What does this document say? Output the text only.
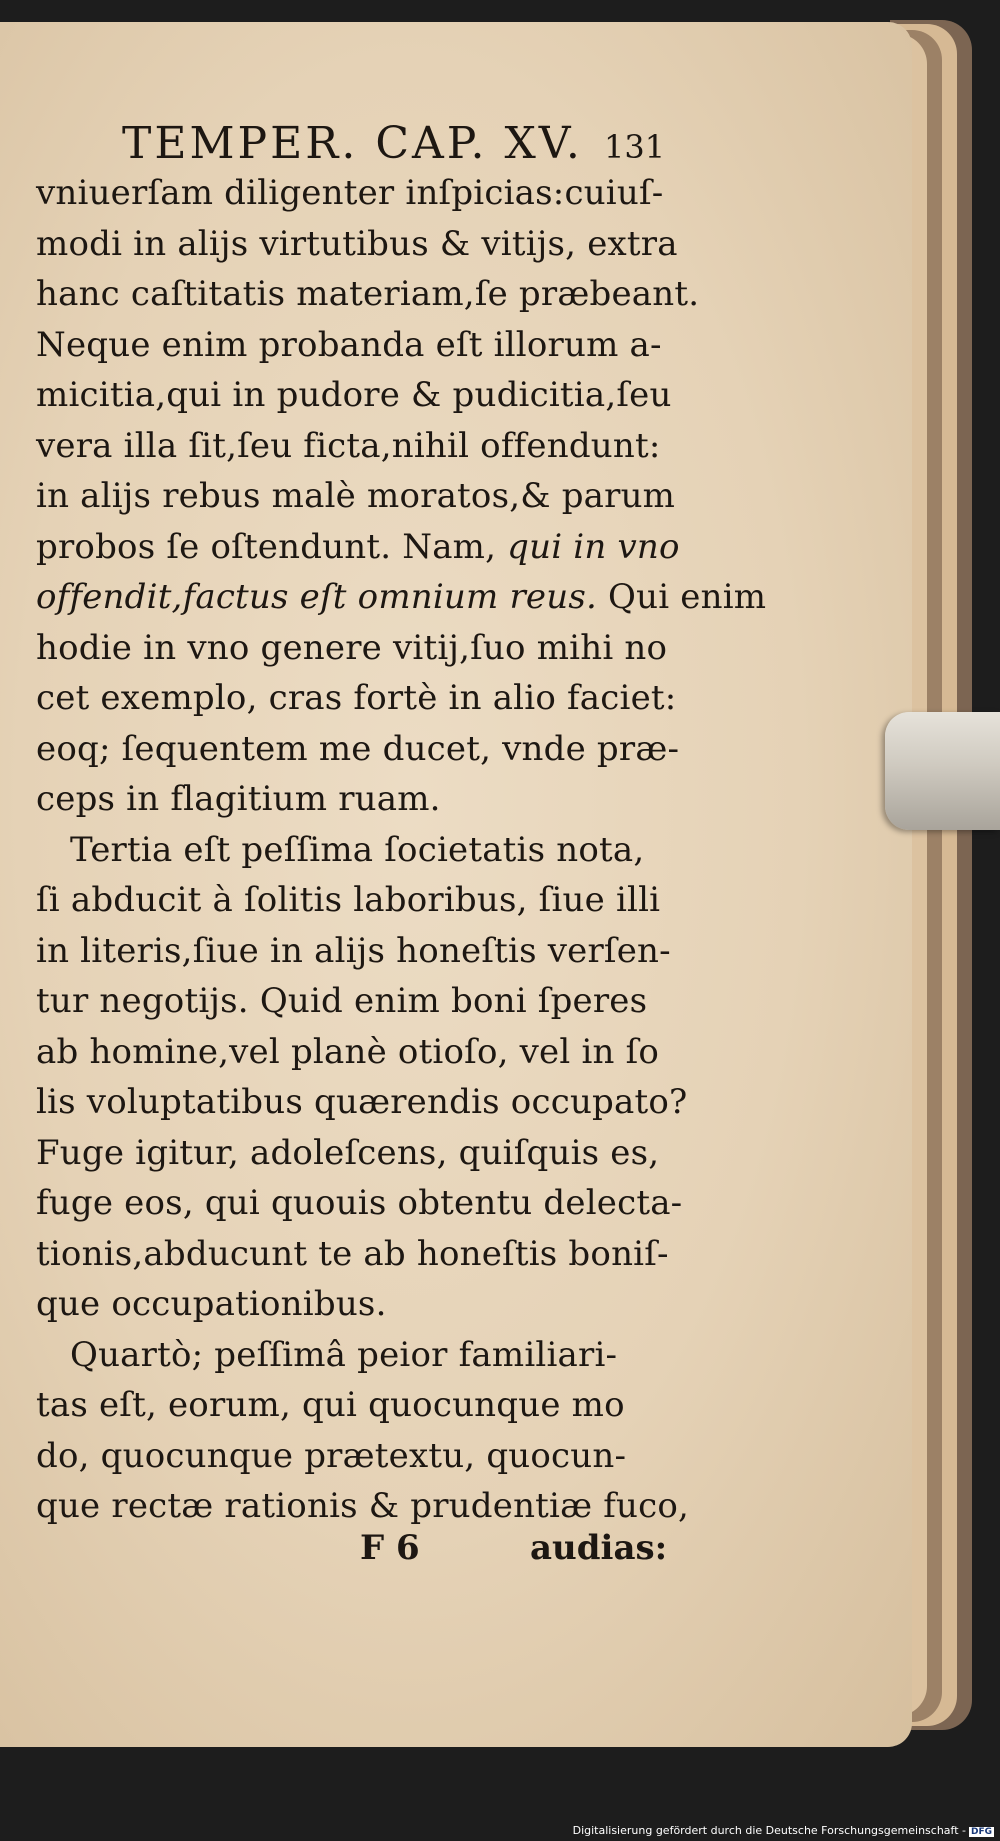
TEMPER. CAP. XV. 131

vniuerſam diligenter inſpicias:cuiuſ-

modi in alijs virtutibus & vitijs, extra

hanc caſtitatis materiam,ſe præbeant.

Neque enim probanda eſt illorum a-

micitia,qui in pudore & pudicitia,ſeu

vera illa ſit,ſeu ficta,nihil offendunt:

in alijs rebus malè moratos,& parum

probos ſe oſtendunt. Nam, qui in vno

offendit,factus eſt omnium reus. Qui enim

hodie in vno genere vitij,ſuo mihi no

cet exemplo, cras fortè in alio faciet:

eoq; ſequentem me ducet, vnde præ-

ceps in flagitium ruam.

Tertia eſt peſſima ſocietatis nota,

ſi abducit à ſolitis laboribus, ſiue illi

in literis,ſiue in alijs honeſtis verſen-

tur negotijs. Quid enim boni ſperes

ab homine,vel planè otioſo, vel in ſo

lis voluptatibus quærendis occupato?

Fuge igitur, adoleſcens, quiſquis es,

fuge eos, qui quouis obtentu delecta-

tionis,abducunt te ab honeſtis boniſ-

que occupationibus.

Quartò; peſſimâ peior familiari-

tas eſt, eorum, qui quocunque mo

do, quocunque prætextu, quocun-

que rectæ rationis & prudentiæ fuco,

F 6	audias:

Digitalisierung gefördert durch die Deutsche Forschungsgemeinschaft - DFG
